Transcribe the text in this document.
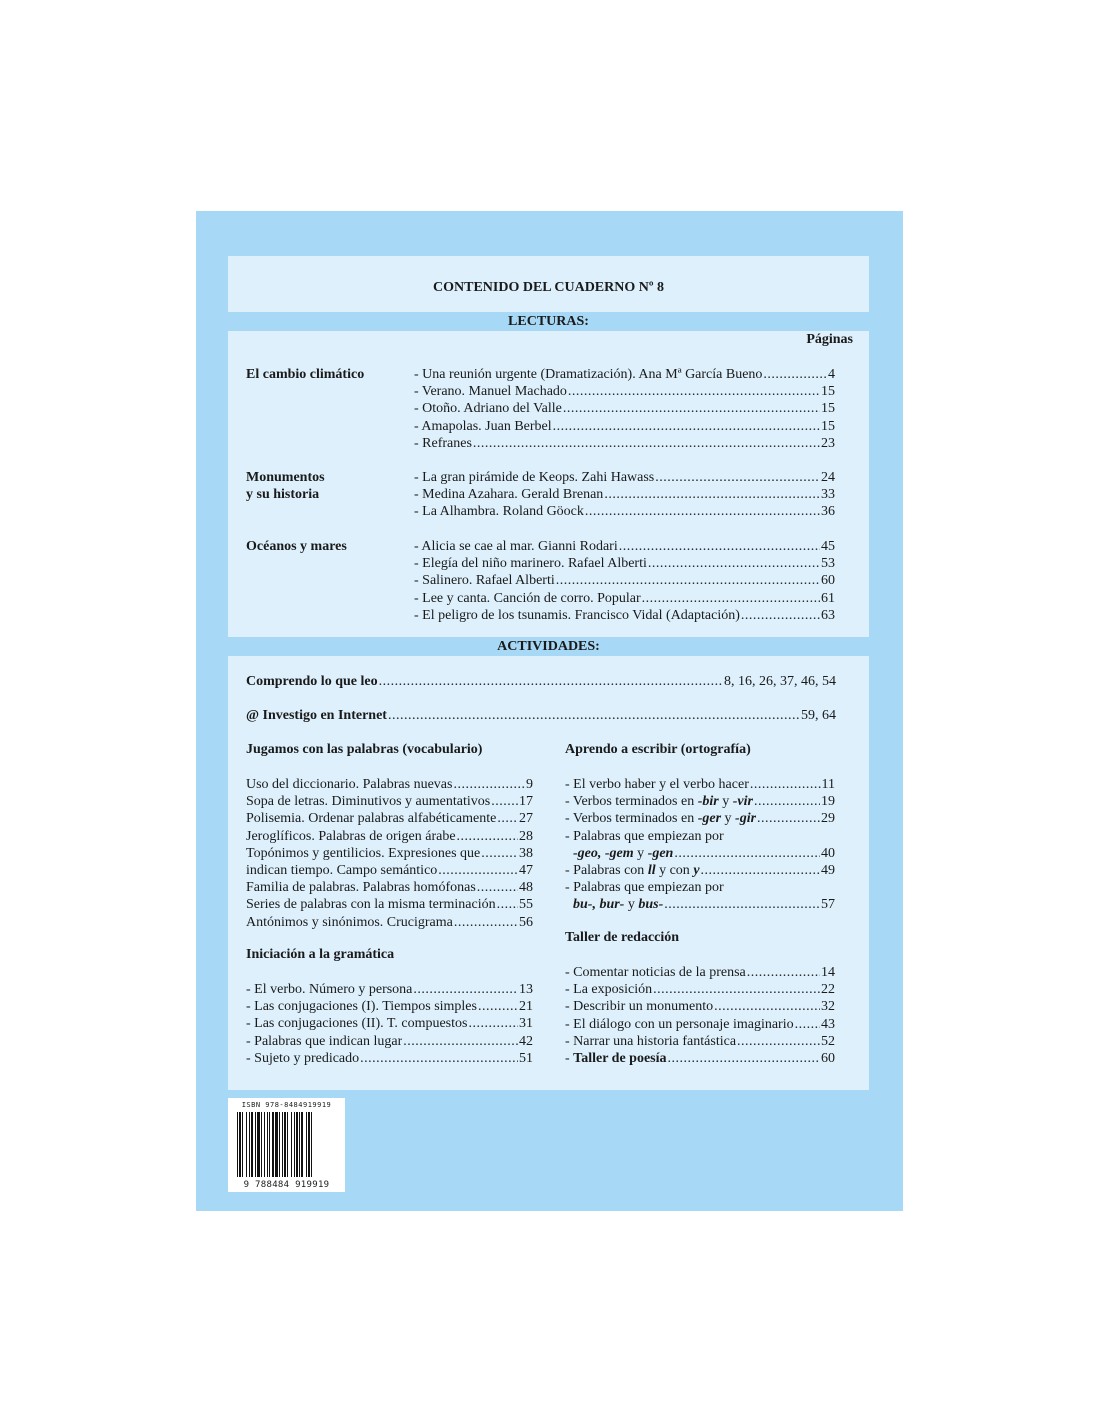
CONTENIDO DEL CUADERNO Nº 8
LECTURAS:
Páginas
El cambio climático	- Una reunión urgente (Dramatización). Ana Mª García Bueno .....	4
- Verano. Manuel Machado .....	15
- Otoño. Adriano del Valle .....	15
- Amapolas. Juan Berbel .....	15
- Refranes .....	23
Monumentos
y su historia
- La gran pirámide de Keops. Zahi Hawass .....	24
- Medina Azahara. Gerald Brenan .....	33
- La Alhambra. Roland Göock .....	36
Océanos y mares	- Alicia se cae al mar. Gianni Rodari .....	45
- Elegía del niño marinero. Rafael Alberti .....	53
- Salinero. Rafael Alberti .....	60
- Lee y canta. Canción de corro. Popular .....	61
- El peligro de los tsunamis. Francisco Vidal (Adaptación) .....	63
ACTIVIDADES:
Comprendo lo que leo .....	8, 16, 26, 37, 46, 54
@ Investigo en Internet .....	59, 64
Jugamos con las palabras (vocabulario)
Uso del diccionario. Palabras nuevas .....	9
Sopa de letras. Diminutivos y aumentativos ..... 17
Polisemia. Ordenar palabras alfabéticamente ..... 27
Jeroglíficos. Palabras de origen árabe .....	28
Topónimos y gentilicios. Expresiones que .....	38
indican tiempo. Campo semántico .....	47
Familia de palabras. Palabras homófonas .....	48
Series de palabras con la misma terminación ..... 55
Antónimos y sinónimos. Crucigrama .....	56
Iniciación a la gramática
- El verbo. Número y persona .....	13
- Las conjugaciones (I). Tiempos simples .....	21
- Las conjugaciones (II). T. compuestos .....	31
- Palabras que indican lugar .....	42
- Sujeto y predicado .....	51
Aprendo a escribir (ortografía)
- El verbo haber y el verbo hacer .....	11
- Verbos terminados en -bir y -vir .....	19
- Verbos terminados en -ger y -gir .....	29
- Palabras que empiezan por
-geo, -gem y -gen .....	40
- Palabras con ll y con y .....	49
- Palabras que empiezan por
bu-, bur- y bus- .....	57
Taller de redacción
- Comentar noticias de la prensa .....	14
- La exposición .....	22
- Describir un monumento .....	32
- El diálogo con un personaje imaginario ..... 43
- Narrar una historia fantástica .....	52
- Taller de poesía .....	60
ISBN 978-8484919919
9 788484 919919
